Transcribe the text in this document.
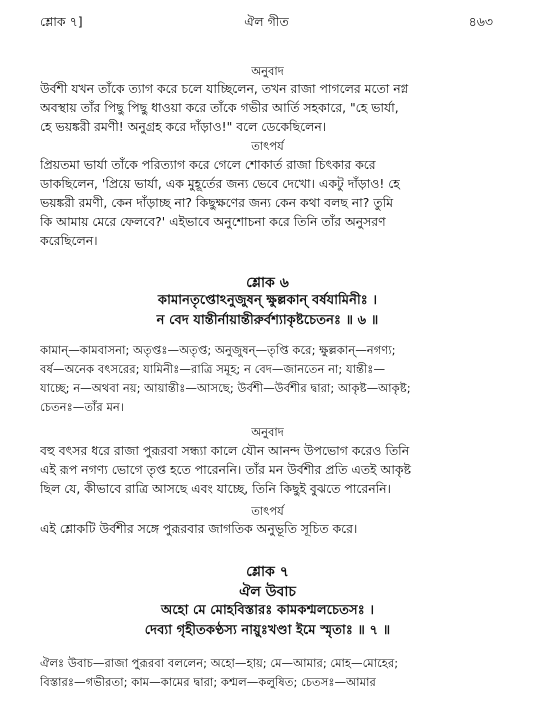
শ্লোক ৭]	ঐল গীত	৪৬৩
অনুবাদ
উর্বশী যখন তাঁকে ত্যাগ করে চলে যাচ্ছিলেন, তখন রাজা পাগলের মতো নগ্ন
অবস্থায় তাঁর পিছু পিছু ধাওয়া করে তাঁকে গভীর আর্তি সহকারে, "হে ভার্যা,
হে ভয়ঙ্করী রমণী! অনুগ্রহ করে দাঁড়াও!" বলে ডেকেছিলেন।
তাৎপর্য
প্রিয়তমা ভার্যা তাঁকে পরিত্যাগ করে গেলে শোকার্ত রাজা চিৎকার করে
ডাকছিলেন, 'প্রিয়ে ভার্যা, এক মুহূর্তের জন্য ভেবে দেখো। একটু দাঁড়াও! হে
ভয়ঙ্করী রমণী, কেন দাঁড়াচ্ছ না? কিছুক্ষণের জন্য কেন কথা বলছ না? তুমি
কি আমায় মেরে ফেলবে?' এইভাবে অনুশোচনা করে তিনি তাঁর অনুসরণ
করেছিলেন।
শ্লোক ৬
কামানতৃপ্তোঽনুজুষন্ ক্ষুল্লকান্ বর্ষযামিনীঃ ।
ন বেদ যান্তীর্নায়ান্তীরুর্বশ্যাকৃষ্টচেতনঃ ॥ ৬ ॥
কামান্—কামবাসনা; অতৃপ্তঃ—অতৃপ্ত; অনুজুষন্—তৃপ্তি করে; ক্ষুল্লকান্—নগণ্য;
বর্ষ—অনেক বৎসরের; যামিনীঃ—রাত্রি সমূহ; ন বেদ—জানতেন না; যান্তীঃ—
যাচ্ছে; ন—অথবা নয়; আয়ান্তীঃ—আসছে; উর্বশী—উর্বশীর দ্বারা; আকৃষ্ট—আকৃষ্ট;
চেতনঃ—তাঁর মন।
অনুবাদ
বহু বৎসর ধরে রাজা পুরূরবা সন্ধ্যা কালে যৌন আনন্দ উপভোগ করেও তিনি
এই রূপ নগণ্য ভোগে তৃপ্ত হতে পারেননি। তাঁর মন উর্বশীর প্রতি এতই আকৃষ্ট
ছিল যে, কীভাবে রাত্রি আসছে এবং যাচ্ছে, তিনি কিছুই বুঝতে পারেননি।
তাৎপর্য
এই শ্লোকটি উর্বশীর সঙ্গে পুরূরবার জাগতিক অনুভূতি সূচিত করে।
শ্লোক ৭
ঐল উবাচ
অহো মে মোহবিস্তারঃ কামকশ্মলচেতসঃ ।
দেব্যা গৃহীতকণ্ঠস্য নায়ুঃখণ্ডা ইমে স্মৃতাঃ ॥ ৭ ॥
ঐলঃ উবাচ—রাজা পুরূরবা বললেন; অহো—হায়; মে—আমার; মোহ—মোহের;
বিস্তারঃ—গভীরতা; কাম—কামের দ্বারা; কশ্মল—কলুষিত; চেতসঃ—আমার
